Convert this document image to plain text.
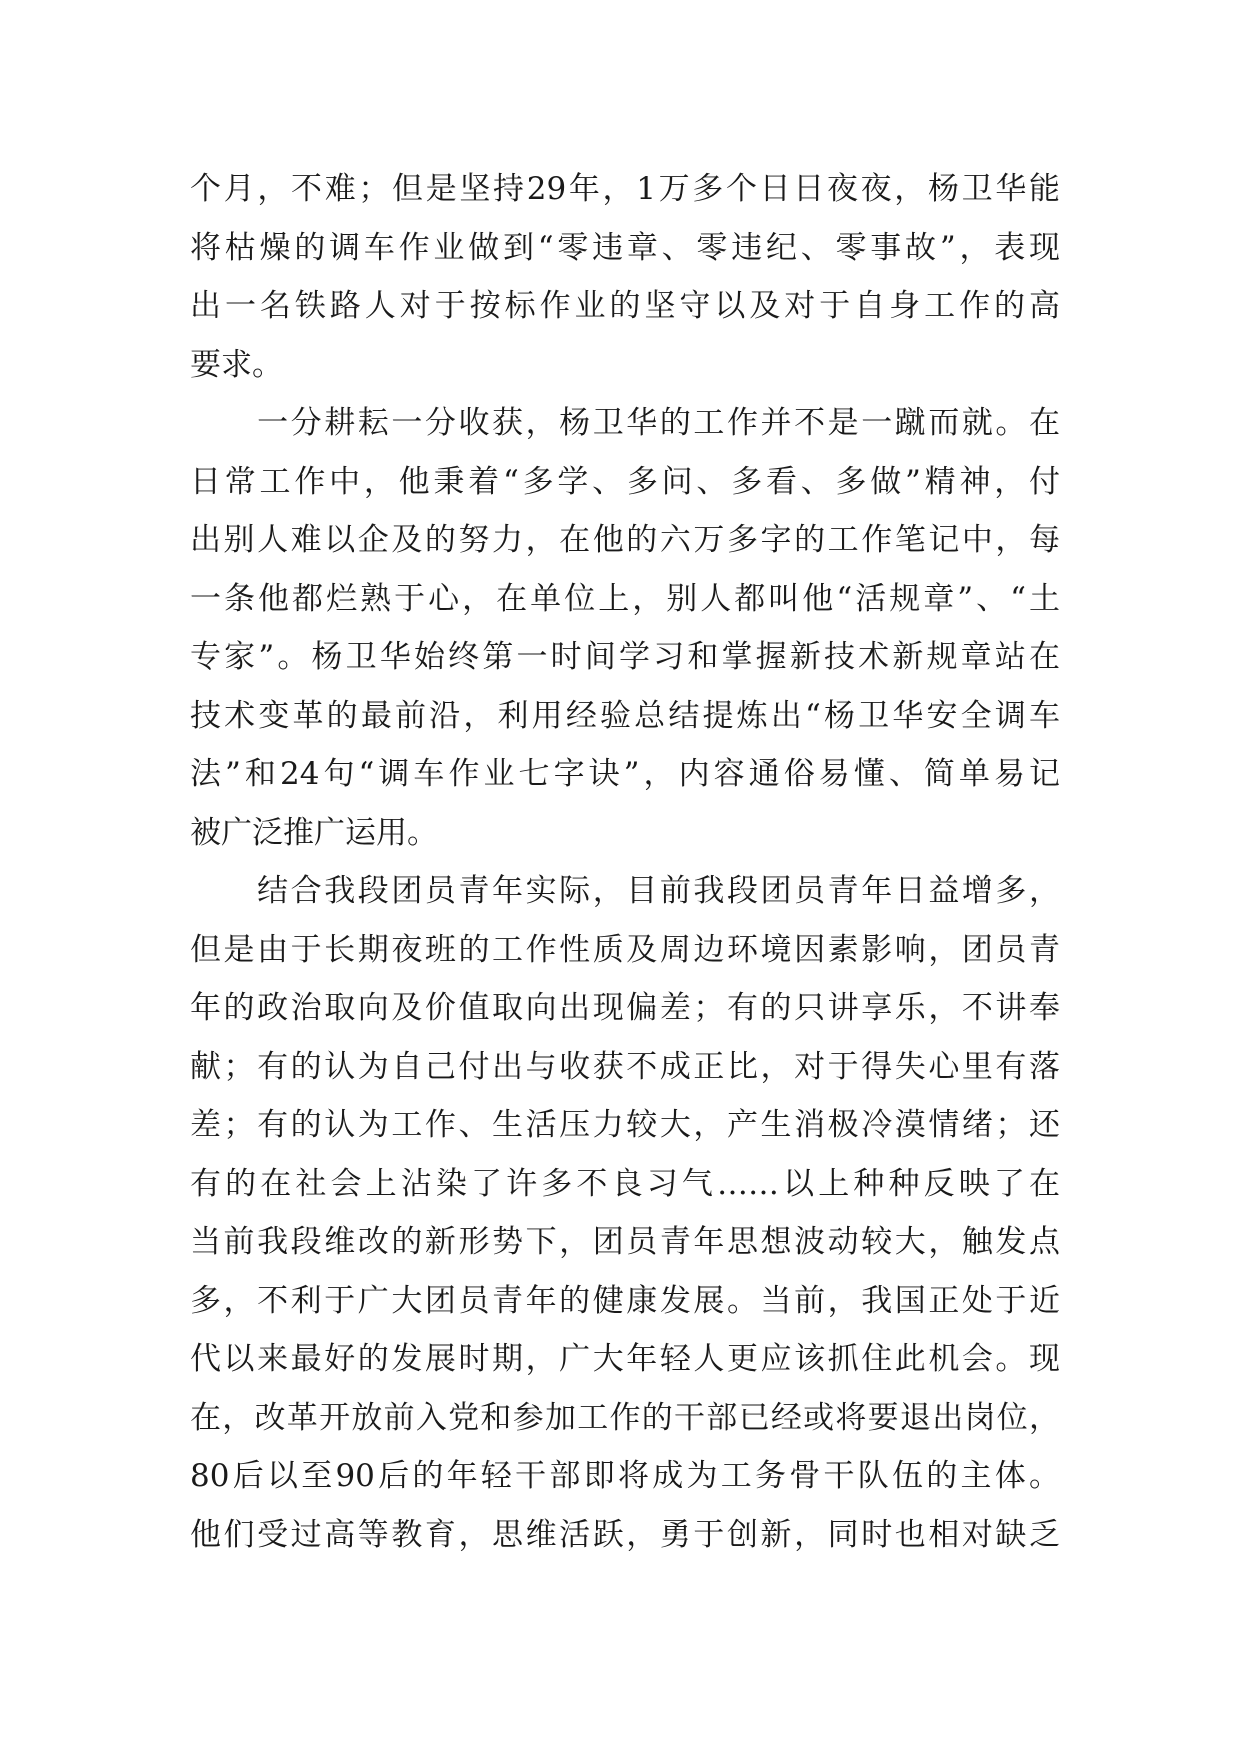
个月，不难；但是坚持29年，1万多个日日夜夜，杨卫华能
将枯燥的调车作业做到“零违章、零违纪、零事故”，表现
出一名铁路人对于按标作业的坚守以及对于自身工作的高
要求。
　　一分耕耘一分收获，杨卫华的工作并不是一蹴而就。在
日常工作中，他秉着“多学、多问、多看、多做”精神，付
出别人难以企及的努力，在他的六万多字的工作笔记中，每
一条他都烂熟于心，在单位上，别人都叫他“活规章”、“土
专家”。杨卫华始终第一时间学习和掌握新技术新规章站在
技术变革的最前沿，利用经验总结提炼出“杨卫华安全调车
法”和24句“调车作业七字诀”，内容通俗易懂、简单易记
被广泛推广运用。
　　结合我段团员青年实际，目前我段团员青年日益增多，
但是由于长期夜班的工作性质及周边环境因素影响，团员青
年的政治取向及价值取向出现偏差；有的只讲享乐，不讲奉
献；有的认为自己付出与收获不成正比，对于得失心里有落
差；有的认为工作、生活压力较大，产生消极冷漠情绪；还
有的在社会上沾染了许多不良习气……以上种种反映了在
当前我段维改的新形势下，团员青年思想波动较大，触发点
多，不利于广大团员青年的健康发展。当前，我国正处于近
代以来最好的发展时期，广大年轻人更应该抓住此机会。现
在，改革开放前入党和参加工作的干部已经或将要退出岗位，
80后以至90后的年轻干部即将成为工务骨干队伍的主体。
他们受过高等教育，思维活跃，勇于创新，同时也相对缺乏
